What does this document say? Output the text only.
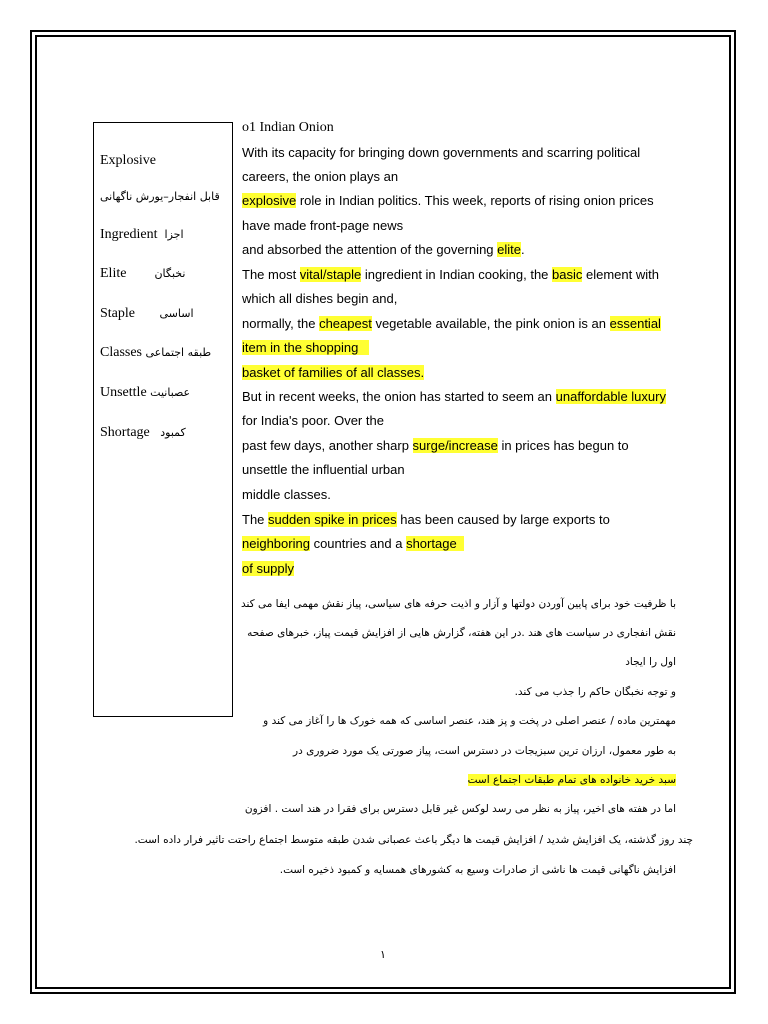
Explosive
قابل انفجار–یورش ناگهانی
Ingredient اجزا
Elite	نخبگان
Staple اساسی
Classes طبقه اجتماعی
Unsettle عصبانیت
Shortage کمبود
o1 Indian Onion
With its capacity for bringing down governments and scarring political
careers, the onion plays an
explosive role in Indian politics. This week, reports of rising onion prices
have made front-page news
and absorbed the attention of the governing elite.
The most vital/staple ingredient in Indian cooking, the basic element with
which all dishes begin and,
normally, the cheapest vegetable available, the pink onion is an essential
item in the shopping
basket of families of all classes.
But in recent weeks, the onion has started to seem an unaffordable luxury
for India's poor. Over the
past few days, another sharp surge/increase in prices has begun to
unsettle the influential urban
middle classes.
The sudden spike in prices has been caused by large exports to
neighboring countries and a shortage
of supply
با ظرفیت خود برای پایین آوردن دولتها و آزار و اذیت حرفه های سیاسی، پیاز نقش مهمی ایفا می کند
نقش انفجاری در سیاست های هند .در این هفته، گزارش هایی از افزایش قیمت پیاز، خبرهای صفحه
اول را ایجاد
و توجه نخبگان حاکم را جذب می کند.
مهمترین ماده / عنصر اصلی در پخت و پز هند، عنصر اساسی که همه خورک ها را آغاز می کند و
به طور معمول، ارزان ترین سبزیجات در دسترس است، پیاز صورتی یک مورد ضروری در
سبد خرید خانواده های تمام طبقات اجتماع است
اما در هفته های اخیر، پیاز به نظر می رسد لوکس غیر قابل دسترس برای فقرا در هند است . افزون
چند روز گذشته، یک افزایش شدید / افزایش قیمت ها دیگر باعث عصبانی شدن طبقه متوسط اجتماع راحتت تاثیر فرار داده است.
افزایش ناگهانی قیمت ها ناشی از صادرات وسیع به کشورهای همسایه و کمبود ذخیره است.
١
